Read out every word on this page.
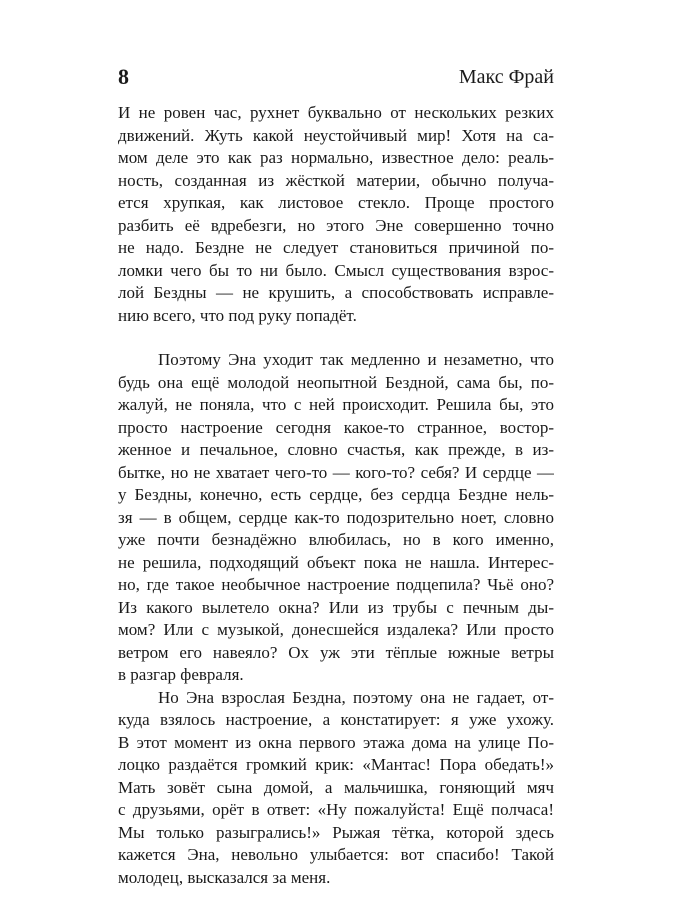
8	Макс Фрай
И не ровен час, рухнет буквально от нескольких резких
движений. Жуть какой неустойчивый мир! Хотя на са-
мом деле это как раз нормально, известное дело: реаль-
ность, созданная из жёсткой материи, обычно получа-
ется хрупкая, как листовое стекло. Проще простого
разбить её вдребезги, но этого Эне совершенно точно
не надо. Бездне не следует становиться причиной по-
ломки чего бы то ни было. Смысл существования взрос-
лой Бездны — не крушить, а способствовать исправле-
нию всего, что под руку попадёт.
Поэтому Эна уходит так медленно и незаметно, что
будь она ещё молодой неопытной Бездной, сама бы, по-
жалуй, не поняла, что с ней происходит. Решила бы, это
просто настроение сегодня какое-то странное, востор-
женное и печальное, словно счастья, как прежде, в из-
бытке, но не хватает чего-то — кого-то? себя? И сердце —
у Бездны, конечно, есть сердце, без сердца Бездне нель-
зя — в общем, сердце как-то подозрительно ноет, словно
уже почти безнадёжно влюбилась, но в кого именно,
не решила, подходящий объект пока не нашла. Интерес-
но, где такое необычное настроение подцепила? Чьё оно?
Из какого вылетело окна? Или из трубы с печным ды-
мом? Или с музыкой, донесшейся издалека? Или просто
ветром его навеяло? Ох уж эти тёплые южные ветры
в разгар февраля.
Но Эна взрослая Бездна, поэтому она не гадает, от-
куда взялось настроение, а констатирует: я уже ухожу.
В этот момент из окна первого этажа дома на улице По-
лоцко раздаётся громкий крик: «Мантас! Пора обедать!»
Мать зовёт сына домой, а мальчишка, гоняющий мяч
с друзьями, орёт в ответ: «Ну пожалуйста! Ещё полчаса!
Мы только разыгрались!» Рыжая тётка, которой здесь
кажется Эна, невольно улыбается: вот спасибо! Такой
молодец, высказался за меня.
